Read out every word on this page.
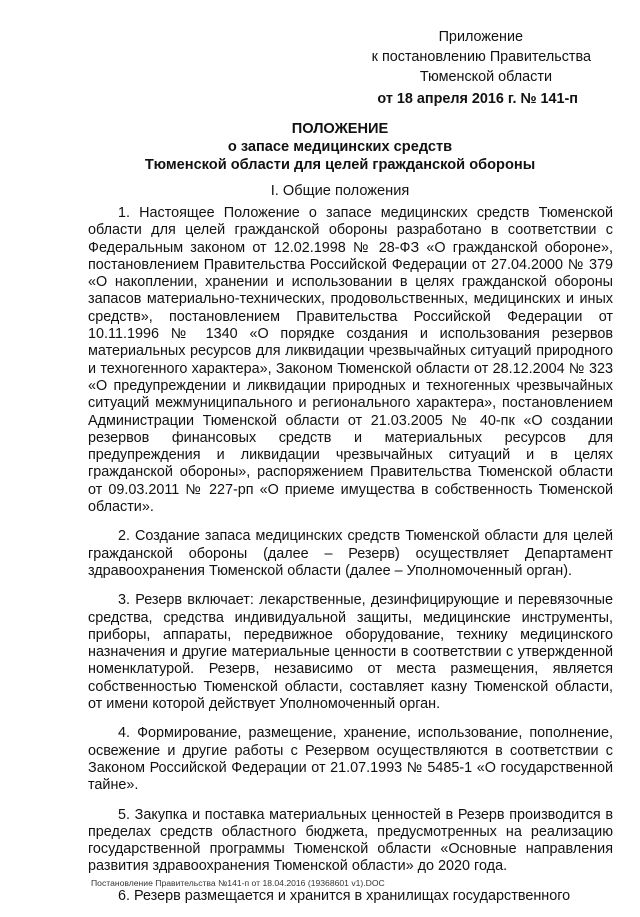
Приложение
к постановлению Правительства
Тюменской области
от 18 апреля 2016 г. № 141-п
ПОЛОЖЕНИЕ
о запасе медицинских средств
Тюменской области для целей гражданской обороны
I. Общие положения

1. Настоящее Положение о запасе медицинских средств Тюменской области для целей гражданской обороны разработано в соответствии с Федеральным законом от 12.02.1998 № 28-ФЗ «О гражданской обороне», постановлением Правительства Российской Федерации от 27.04.2000 № 379 «О накоплении, хранении и использовании в целях гражданской обороны запасов материально-технических, продовольственных, медицинских и иных средств», постановлением Правительства Российской Федерации от 10.11.1996 № 1340 «О порядке создания и использования резервов материальных ресурсов для ликвидации чрезвычайных ситуаций природного и техногенного характера», Законом Тюменской области от 28.12.2004 № 323 «О предупреждении и ликвидации природных и техногенных чрезвычайных ситуаций межмуниципального и регионального характера», постановлением Администрации Тюменской области от 21.03.2005 № 40-пк «О создании резервов финансовых средств и материальных ресурсов для предупреждения и ликвидации чрезвычайных ситуаций и в целях гражданской обороны», распоряжением Правительства Тюменской области от 09.03.2011 № 227-рп «О приеме имущества в собственность Тюменской области».

2. Создание запаса медицинских средств Тюменской области для целей гражданской обороны (далее – Резерв) осуществляет Департамент здравоохранения Тюменской области (далее – Уполномоченный орган).

3. Резерв включает: лекарственные, дезинфицирующие и перевязочные средства, средства индивидуальной защиты, медицинские инструменты, приборы, аппараты, передвижное оборудование, технику медицинского назначения и другие материальные ценности в соответствии с утвержденной номенклатурой. Резерв, независимо от места размещения, является собственностью Тюменской области, составляет казну Тюменской области, от имени которой действует Уполномоченный орган.

4. Формирование, размещение, хранение, использование, пополнение, освежение и другие работы с Резервом осуществляются в соответствии с Законом Российской Федерации от 21.07.1993 № 5485-1 «О государственной тайне».

5. Закупка и поставка материальных ценностей в Резерв производится в пределах средств областного бюджета, предусмотренных на реализацию государственной программы Тюменской области «Основные направления развития здравоохранения Тюменской области» до 2020 года.

6. Резерв размещается и хранится в хранилищах государственного

Постановление Правительства №141-п от 18.04.2016 (19368601 v1).DOC
